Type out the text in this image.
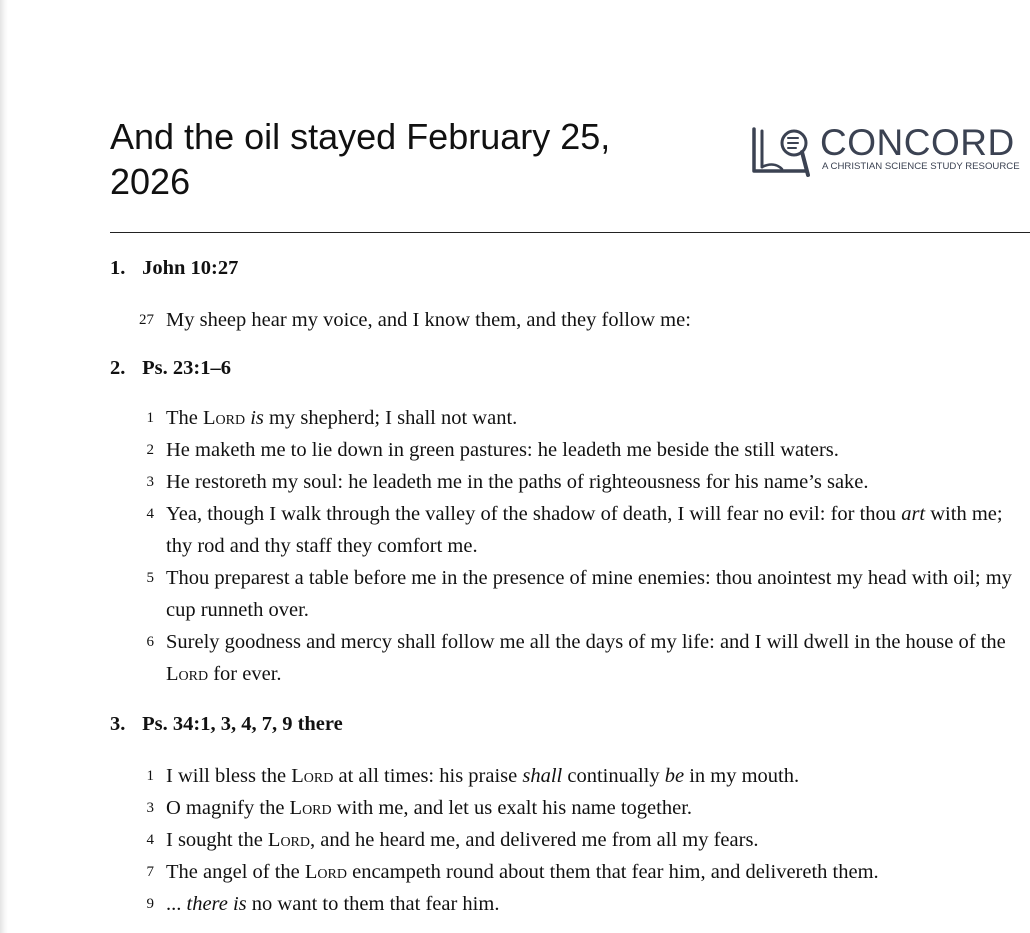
And the oil stayed February 25, 2026
CONCORD
A CHRISTIAN SCIENCE STUDY RESOURCE
1. John 10:27
27 My sheep hear my voice, and I know them, and they follow me:
2. Ps. 23:1–6
1 The Lord is my shepherd; I shall not want.
2 He maketh me to lie down in green pastures: he leadeth me beside the still waters.
3 He restoreth my soul: he leadeth me in the paths of righteousness for his name’s sake.
4 Yea, though I walk through the valley of the shadow of death, I will fear no evil: for thou art with me; thy rod and thy staff they comfort me.
5 Thou preparest a table before me in the presence of mine enemies: thou anointest my head with oil; my cup runneth over.
6 Surely goodness and mercy shall follow me all the days of my life: and I will dwell in the house of the Lord for ever.
3. Ps. 34:1, 3, 4, 7, 9 there
1 I will bless the Lord at all times: his praise shall continually be in my mouth.
3 O magnify the Lord with me, and let us exalt his name together.
4 I sought the Lord, and he heard me, and delivered me from all my fears.
7 The angel of the Lord encampeth round about them that fear him, and delivereth them.
9 ... there is no want to them that fear him.
